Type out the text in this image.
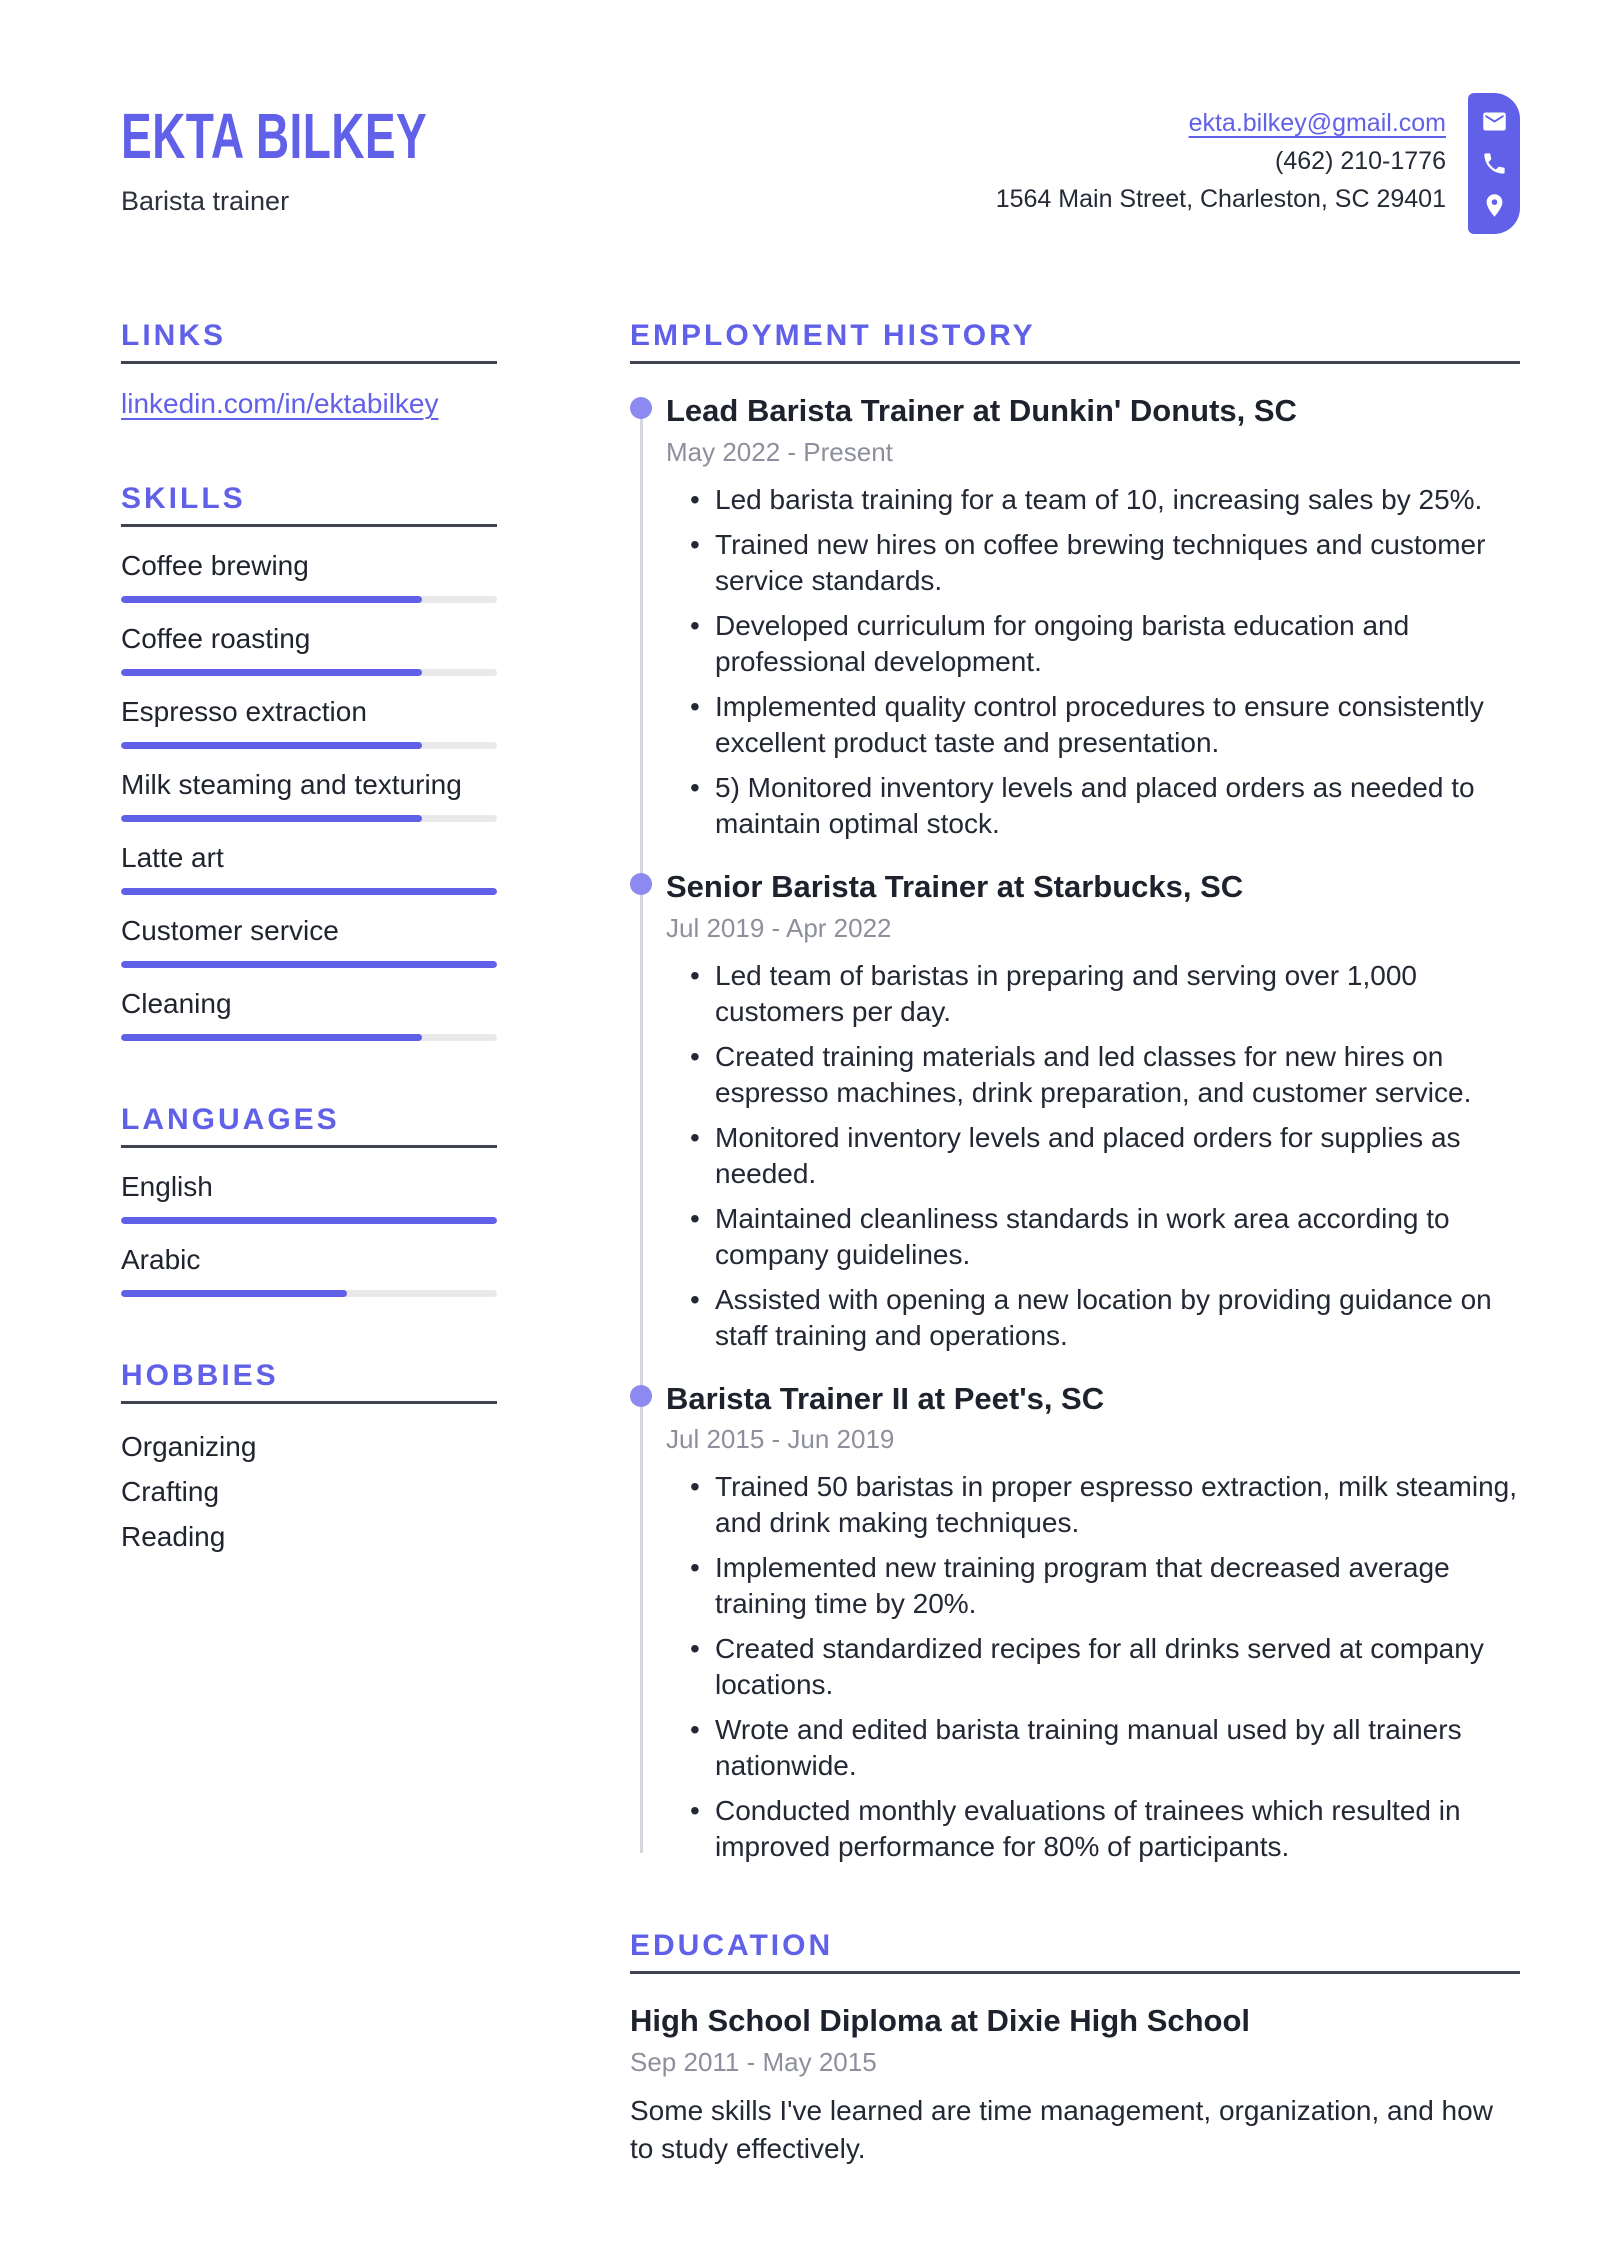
EKTA BILKEY
Barista trainer
ekta.bilkey@gmail.com
(462) 210-1776
1564 Main Street, Charleston, SC 29401
LINKS
linkedin.com/in/ektabilkey
SKILLS
Coffee brewing
Coffee roasting
Espresso extraction
Milk steaming and texturing
Latte art
Customer service
Cleaning
LANGUAGES
English
Arabic
HOBBIES
Organizing
Crafting
Reading
EMPLOYMENT HISTORY
Lead Barista Trainer at Dunkin' Donuts, SC
May 2022 - Present
• Led barista training for a team of 10, increasing sales by 25%.
• Trained new hires on coffee brewing techniques and customer service standards.
• Developed curriculum for ongoing barista education and professional development.
• Implemented quality control procedures to ensure consistently excellent product taste and presentation.
• 5) Monitored inventory levels and placed orders as needed to maintain optimal stock.
Senior Barista Trainer at Starbucks, SC
Jul 2019 - Apr 2022
• Led team of baristas in preparing and serving over 1,000 customers per day.
• Created training materials and led classes for new hires on espresso machines, drink preparation, and customer service.
• Monitored inventory levels and placed orders for supplies as needed.
• Maintained cleanliness standards in work area according to company guidelines.
• Assisted with opening a new location by providing guidance on staff training and operations.
Barista Trainer II at Peet's, SC
Jul 2015 - Jun 2019
• Trained 50 baristas in proper espresso extraction, milk steaming, and drink making techniques.
• Implemented new training program that decreased average training time by 20%.
• Created standardized recipes for all drinks served at company locations.
• Wrote and edited barista training manual used by all trainers nationwide.
• Conducted monthly evaluations of trainees which resulted in improved performance for 80% of participants.
EDUCATION
High School Diploma at Dixie High School
Sep 2011 - May 2015

Some skills I've learned are time management, organization, and how to study effectively.
